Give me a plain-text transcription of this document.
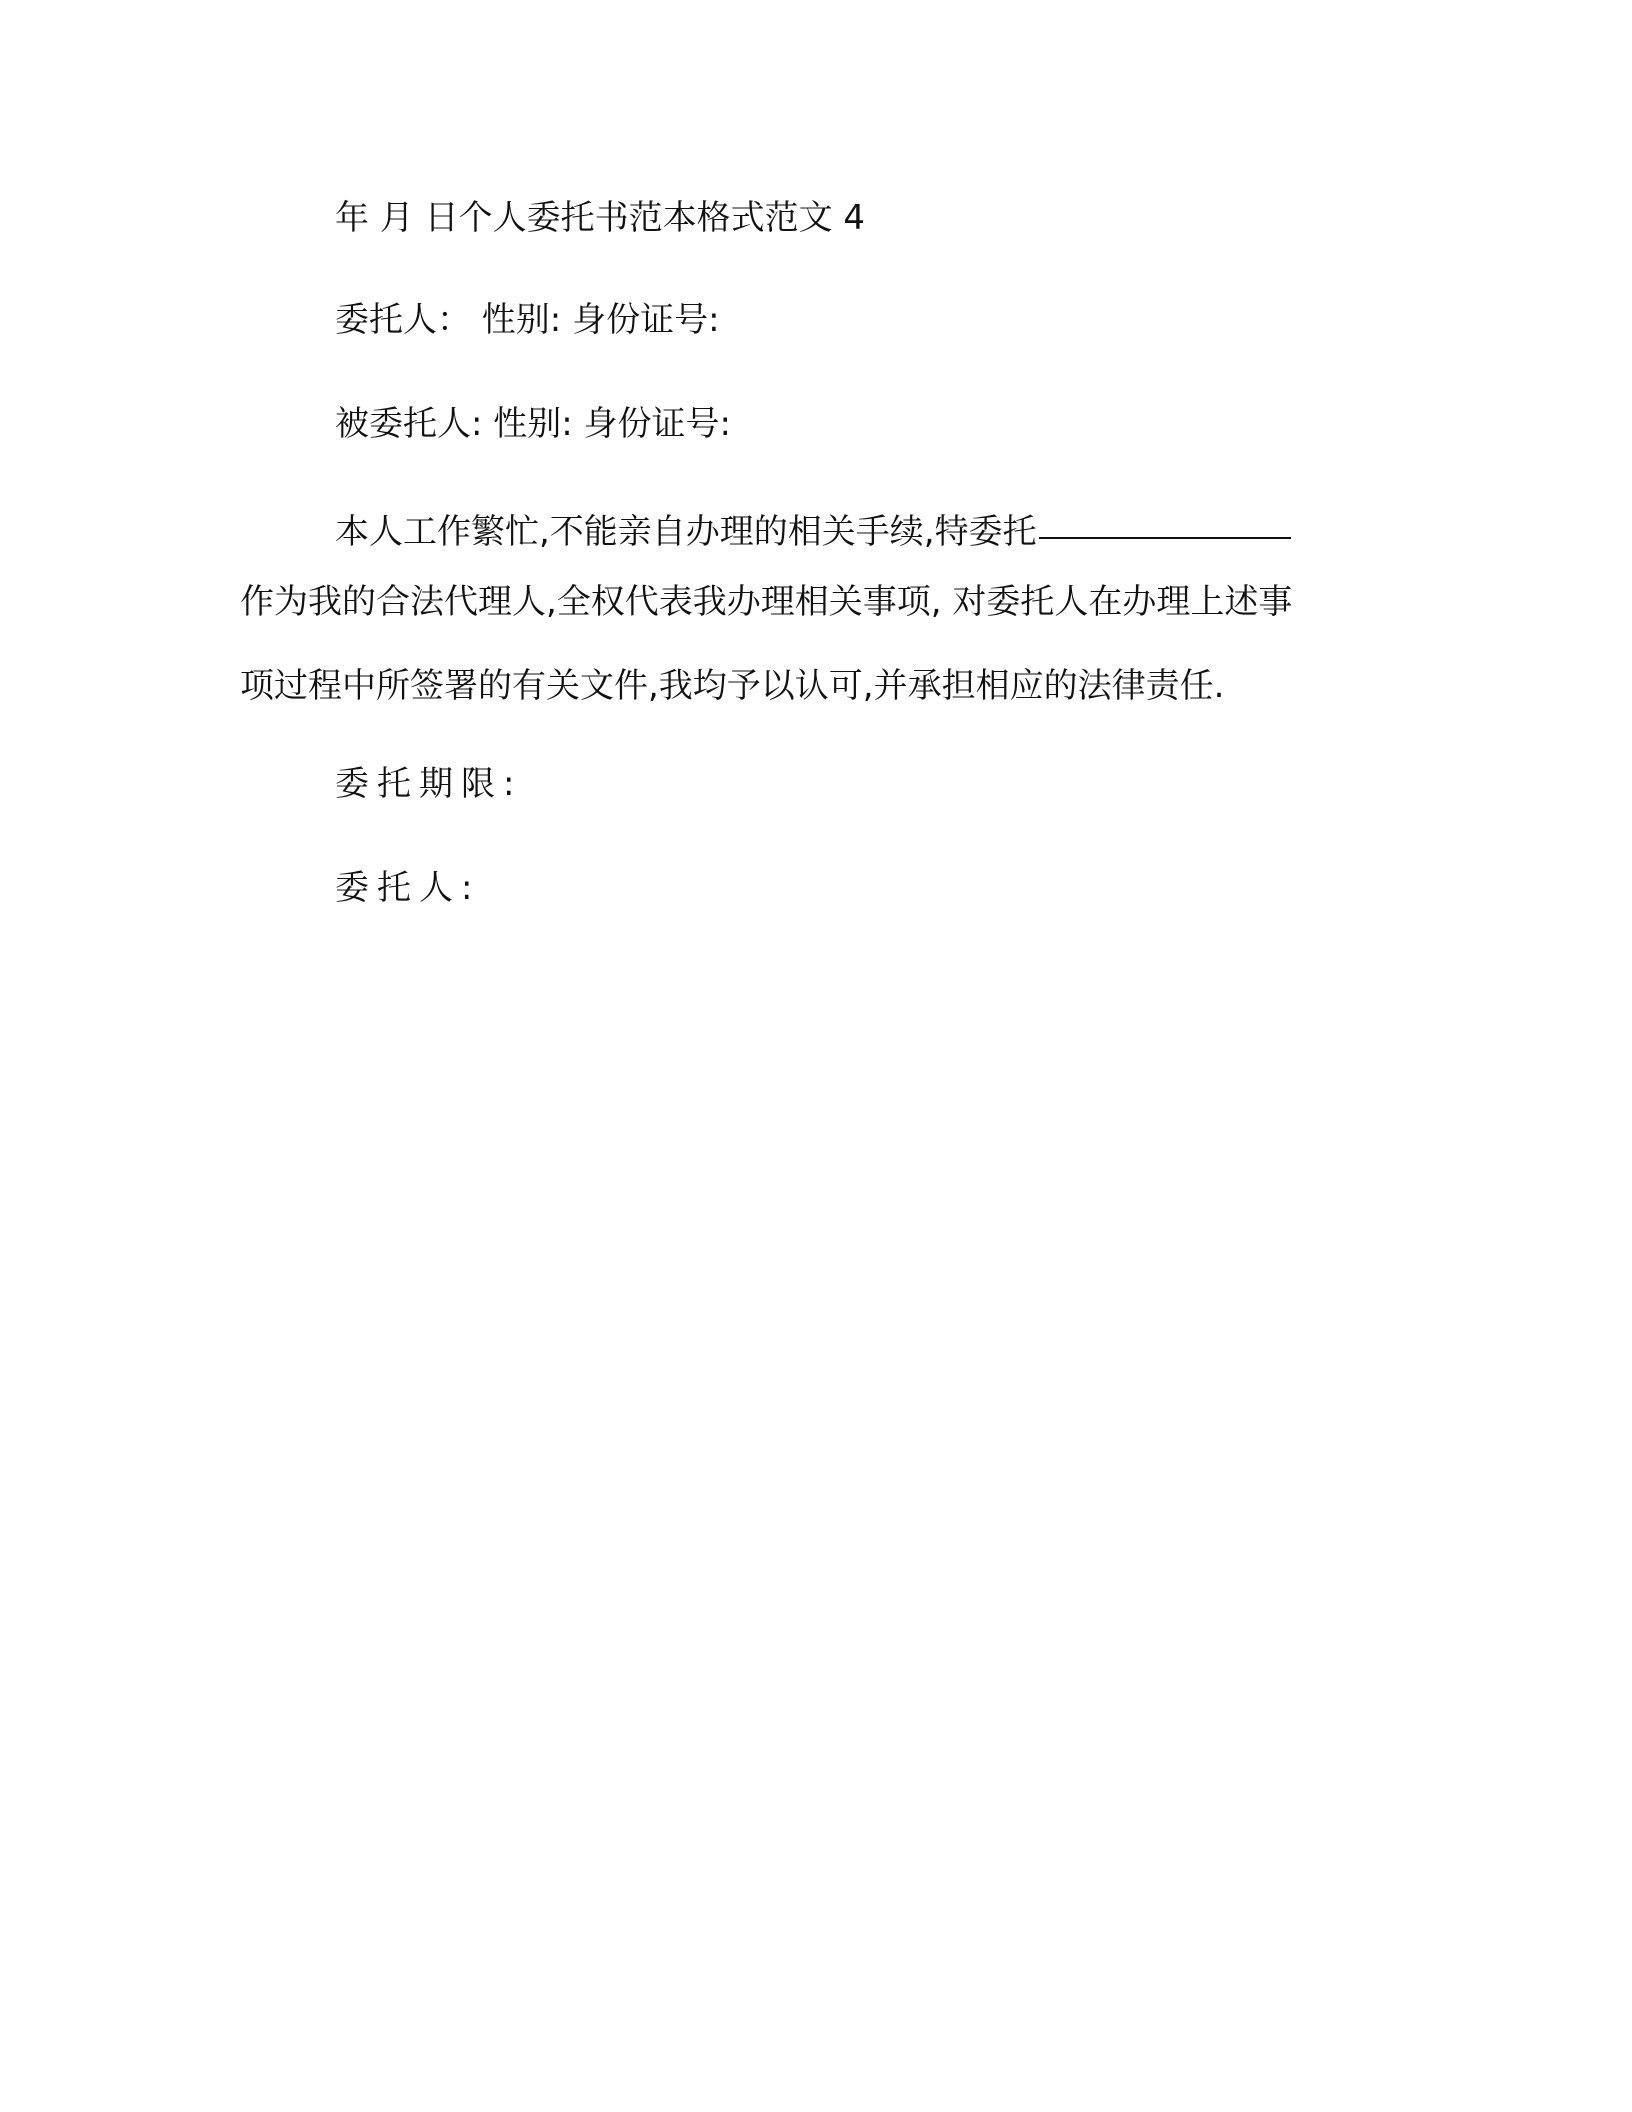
年 月 日个人委托书范本格式范文 4

委托人： 性别: 身份证号:

被委托人: 性别: 身份证号:

本人工作繁忙,不能亲自办理的相关手续,特委托

作为我的合法代理人,全权代表我办理相关事项, 对委托人在办理上述事

项过程中所签署的有关文件,我均予以认可,并承担相应的法律责任.

委托期限:

委托人:
